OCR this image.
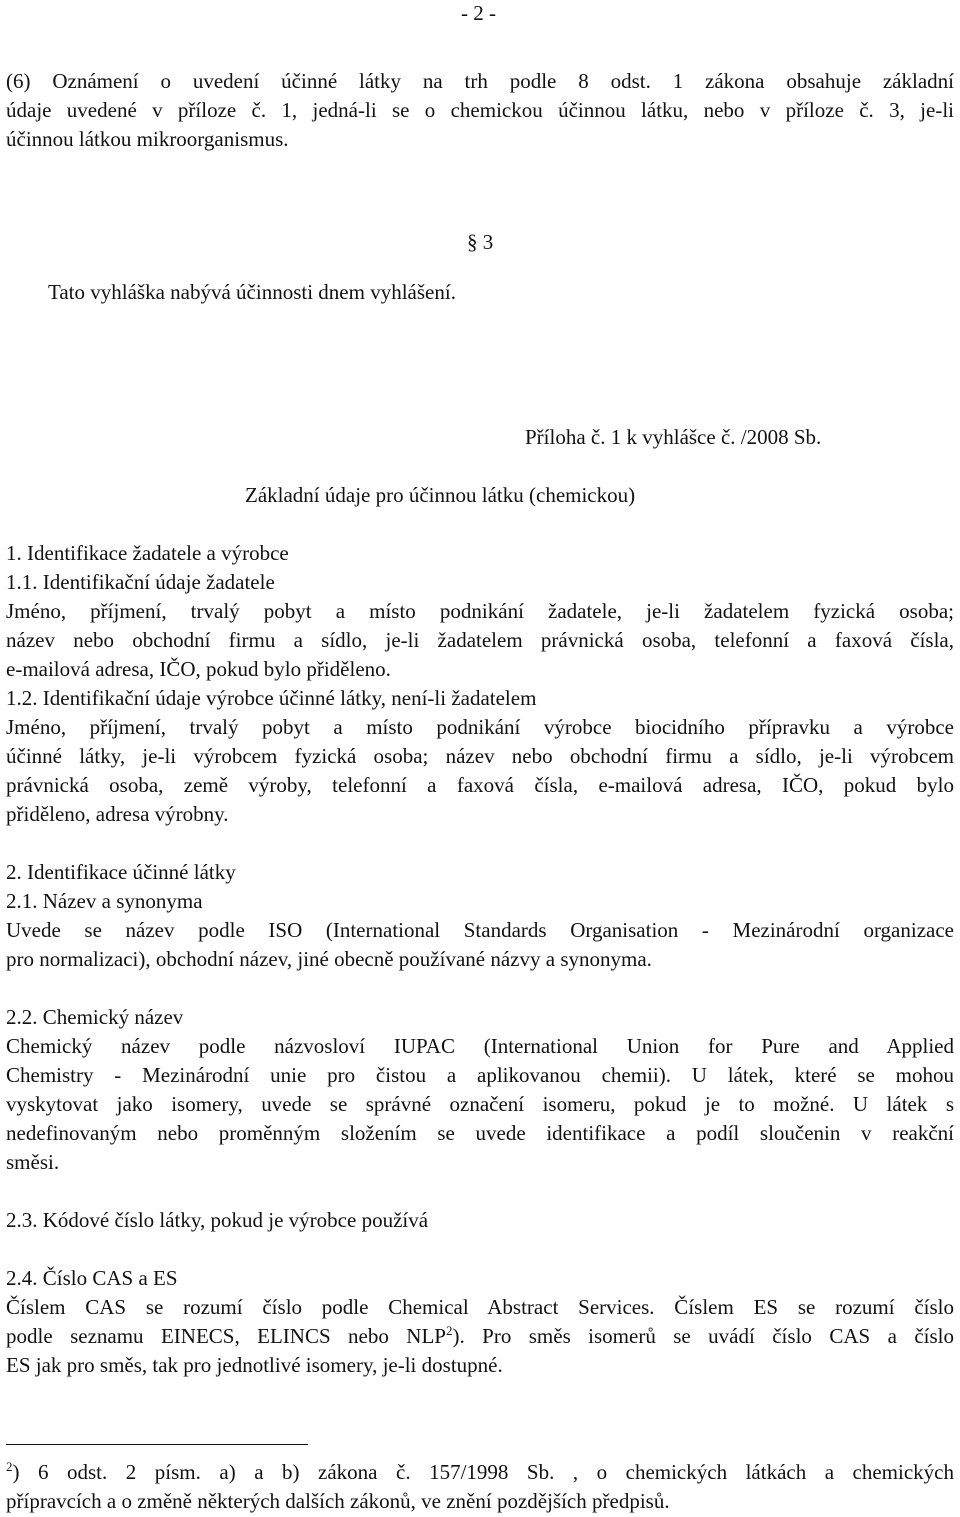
- 2 -
(6) Oznámení o uvedení účinné látky na trh podle 8 odst. 1 zákona obsahuje základní
údaje uvedené v příloze č. 1, jedná-li se o chemickou účinnou látku, nebo v příloze č. 3, je-li
účinnou látkou mikroorganismus.
§ 3
Tato vyhláška nabývá účinnosti dnem vyhlášení.
Příloha č. 1 k vyhlášce č. /2008 Sb.
Základní údaje pro účinnou látku (chemickou)
1. Identifikace žadatele a výrobce
1.1. Identifikační údaje žadatele
Jméno, příjmení, trvalý pobyt a místo podnikání žadatele, je-li žadatelem fyzická osoba;
název nebo obchodní firmu a sídlo, je-li žadatelem právnická osoba, telefonní a faxová čísla,
e-mailová adresa, IČO, pokud bylo přiděleno.
1.2. Identifikační údaje výrobce účinné látky, není-li žadatelem
Jméno, příjmení, trvalý pobyt a místo podnikání výrobce biocidního přípravku a výrobce
účinné látky, je-li výrobcem fyzická osoba; název nebo obchodní firmu a sídlo, je-li výrobcem
právnická osoba, země výroby, telefonní a faxová čísla, e-mailová adresa, IČO, pokud bylo
přiděleno, adresa výrobny.
2. Identifikace účinné látky
2.1. Název a synonyma
Uvede se název podle ISO (International Standards Organisation - Mezinárodní organizace
pro normalizaci), obchodní název, jiné obecně používané názvy a synonyma.
2.2. Chemický název
Chemický název podle názvosloví IUPAC (International Union for Pure and Applied
Chemistry - Mezinárodní unie pro čistou a aplikovanou chemii). U látek, které se mohou
vyskytovat jako isomery, uvede se správné označení isomeru, pokud je to možné. U látek s
nedefinovaným nebo proměnným složením se uvede identifikace a podíl sloučenin v reakční
směsi.
2.3. Kódové číslo látky, pokud je výrobce používá
2.4. Číslo CAS a ES
Číslem CAS se rozumí číslo podle Chemical Abstract Services. Číslem ES se rozumí číslo
podle seznamu EINECS, ELINCS nebo NLP$^2$). Pro směs isomerů se uvádí číslo CAS a číslo
ES jak pro směs, tak pro jednotlivé isomery, je-li dostupné.
$^2$) 6 odst. 2 písm. a) a b) zákona č. 157/1998 Sb. , o chemických látkách a chemických
přípravcích a o změně některých dalších zákonů, ve znění pozdějších předpisů.
